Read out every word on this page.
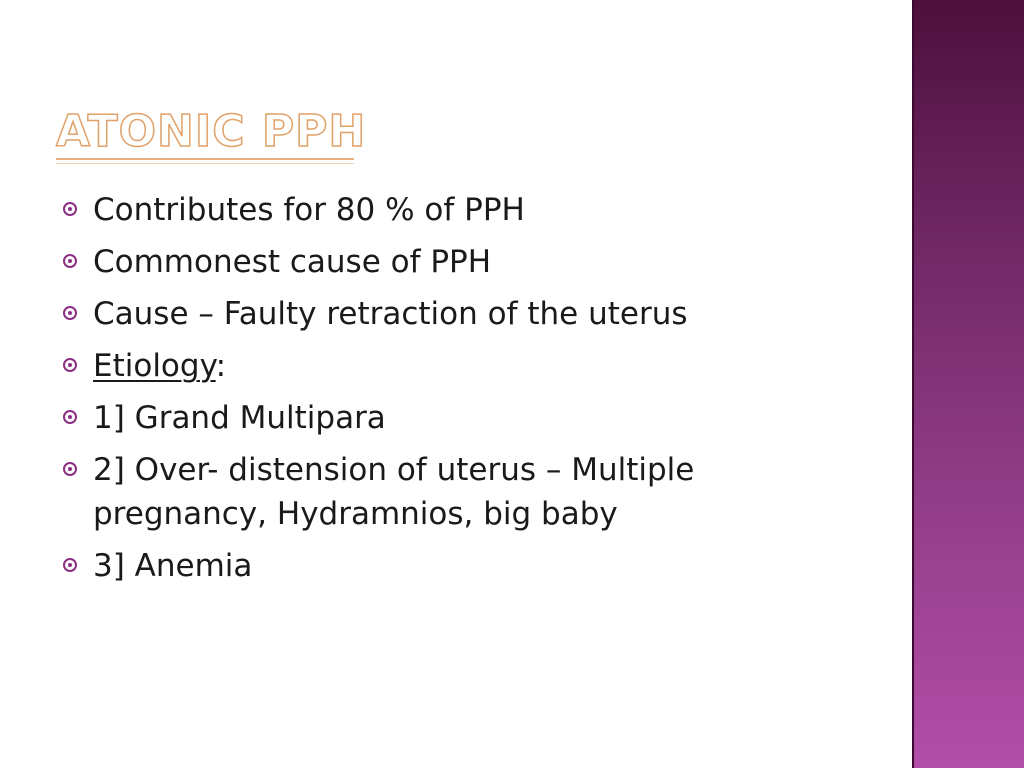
ATONIC PPH
Contributes for 80 % of PPH
Commonest cause of PPH
Cause – Faulty retraction of the uterus
Etiology:
1] Grand Multipara
2] Over- distension of uterus – Multiple pregnancy, Hydramnios, big baby
3] Anemia
